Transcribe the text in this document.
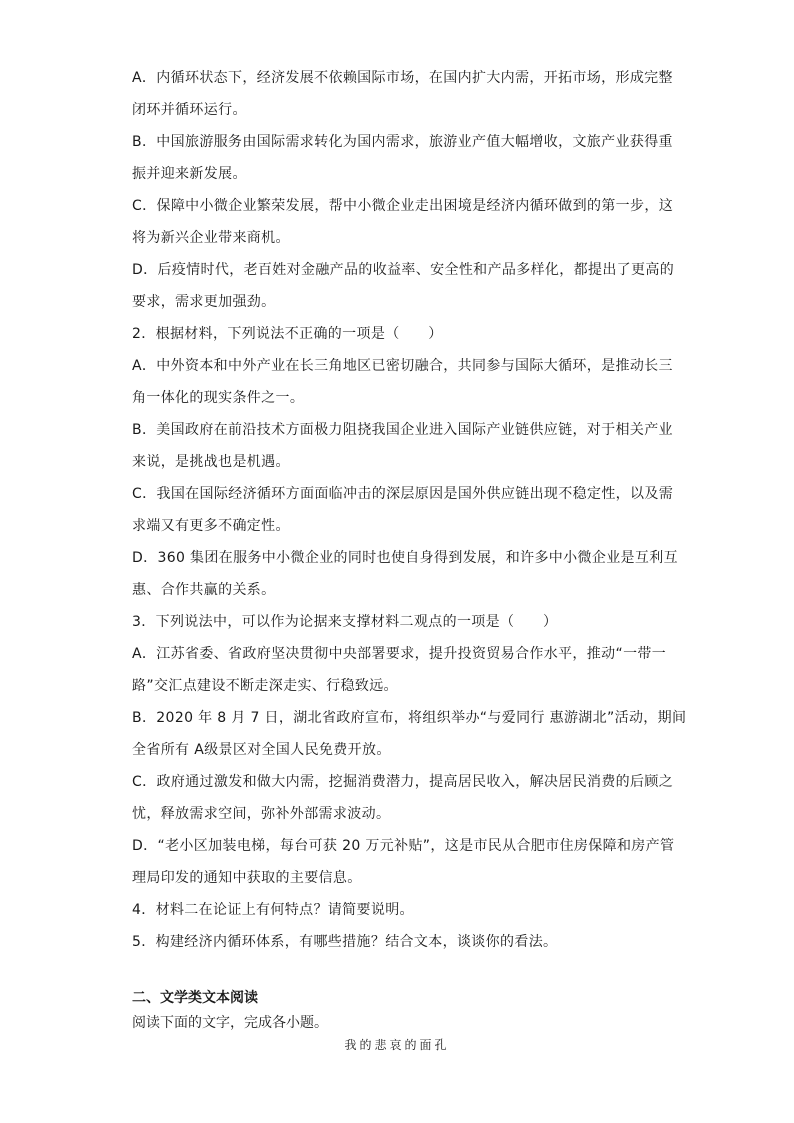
A．内循环状态下，经济发展不依赖国际市场，在国内扩大内需，开拓市场，形成完整
闭环并循环运行。
B．中国旅游服务由国际需求转化为国内需求，旅游业产值大幅增收，文旅产业获得重
振并迎来新发展。
C．保障中小微企业繁荣发展，帮中小微企业走出困境是经济内循环做到的第一步，这
将为新兴企业带来商机。
D．后疫情时代，老百姓对金融产品的收益率、安全性和产品多样化，都提出了更高的
要求，需求更加强劲。
2．根据材料，下列说法不正确的一项是（　　）
A．中外资本和中外产业在长三角地区已密切融合，共同参与国际大循环，是推动长三
角一体化的现实条件之一。
B．美国政府在前沿技术方面极力阻挠我国企业进入国际产业链供应链，对于相关产业
来说，是挑战也是机遇。
C．我国在国际经济循环方面面临冲击的深层原因是国外供应链出现不稳定性，以及需
求端又有更多不确定性。
D．360 集团在服务中小微企业的同时也使自身得到发展，和许多中小微企业是互利互
惠、合作共赢的关系。
3．下列说法中，可以作为论据来支撑材料二观点的一项是（　　）
A．江苏省委、省政府坚决贯彻中央部署要求，提升投资贸易合作水平，推动“一带一
路”交汇点建设不断走深走实、行稳致远。
B．2020 年 8 月 7 日，湖北省政府宣布，将组织举办“与爱同行 惠游湖北”活动，期间
全省所有 A级景区对全国人民免费开放。
C．政府通过激发和做大内需，挖掘消费潜力，提高居民收入，解决居民消费的后顾之
忧，释放需求空间，弥补外部需求波动。
D．“老小区加装电梯，每台可获 20 万元补贴”，这是市民从合肥市住房保障和房产管
理局印发的通知中获取的主要信息。
4．材料二在论证上有何特点？请简要说明。
5．构建经济内循环体系，有哪些措施？结合文本，谈谈你的看法。
二、文学类文本阅读
阅读下面的文字，完成各小题。
我的悲哀的面孔
